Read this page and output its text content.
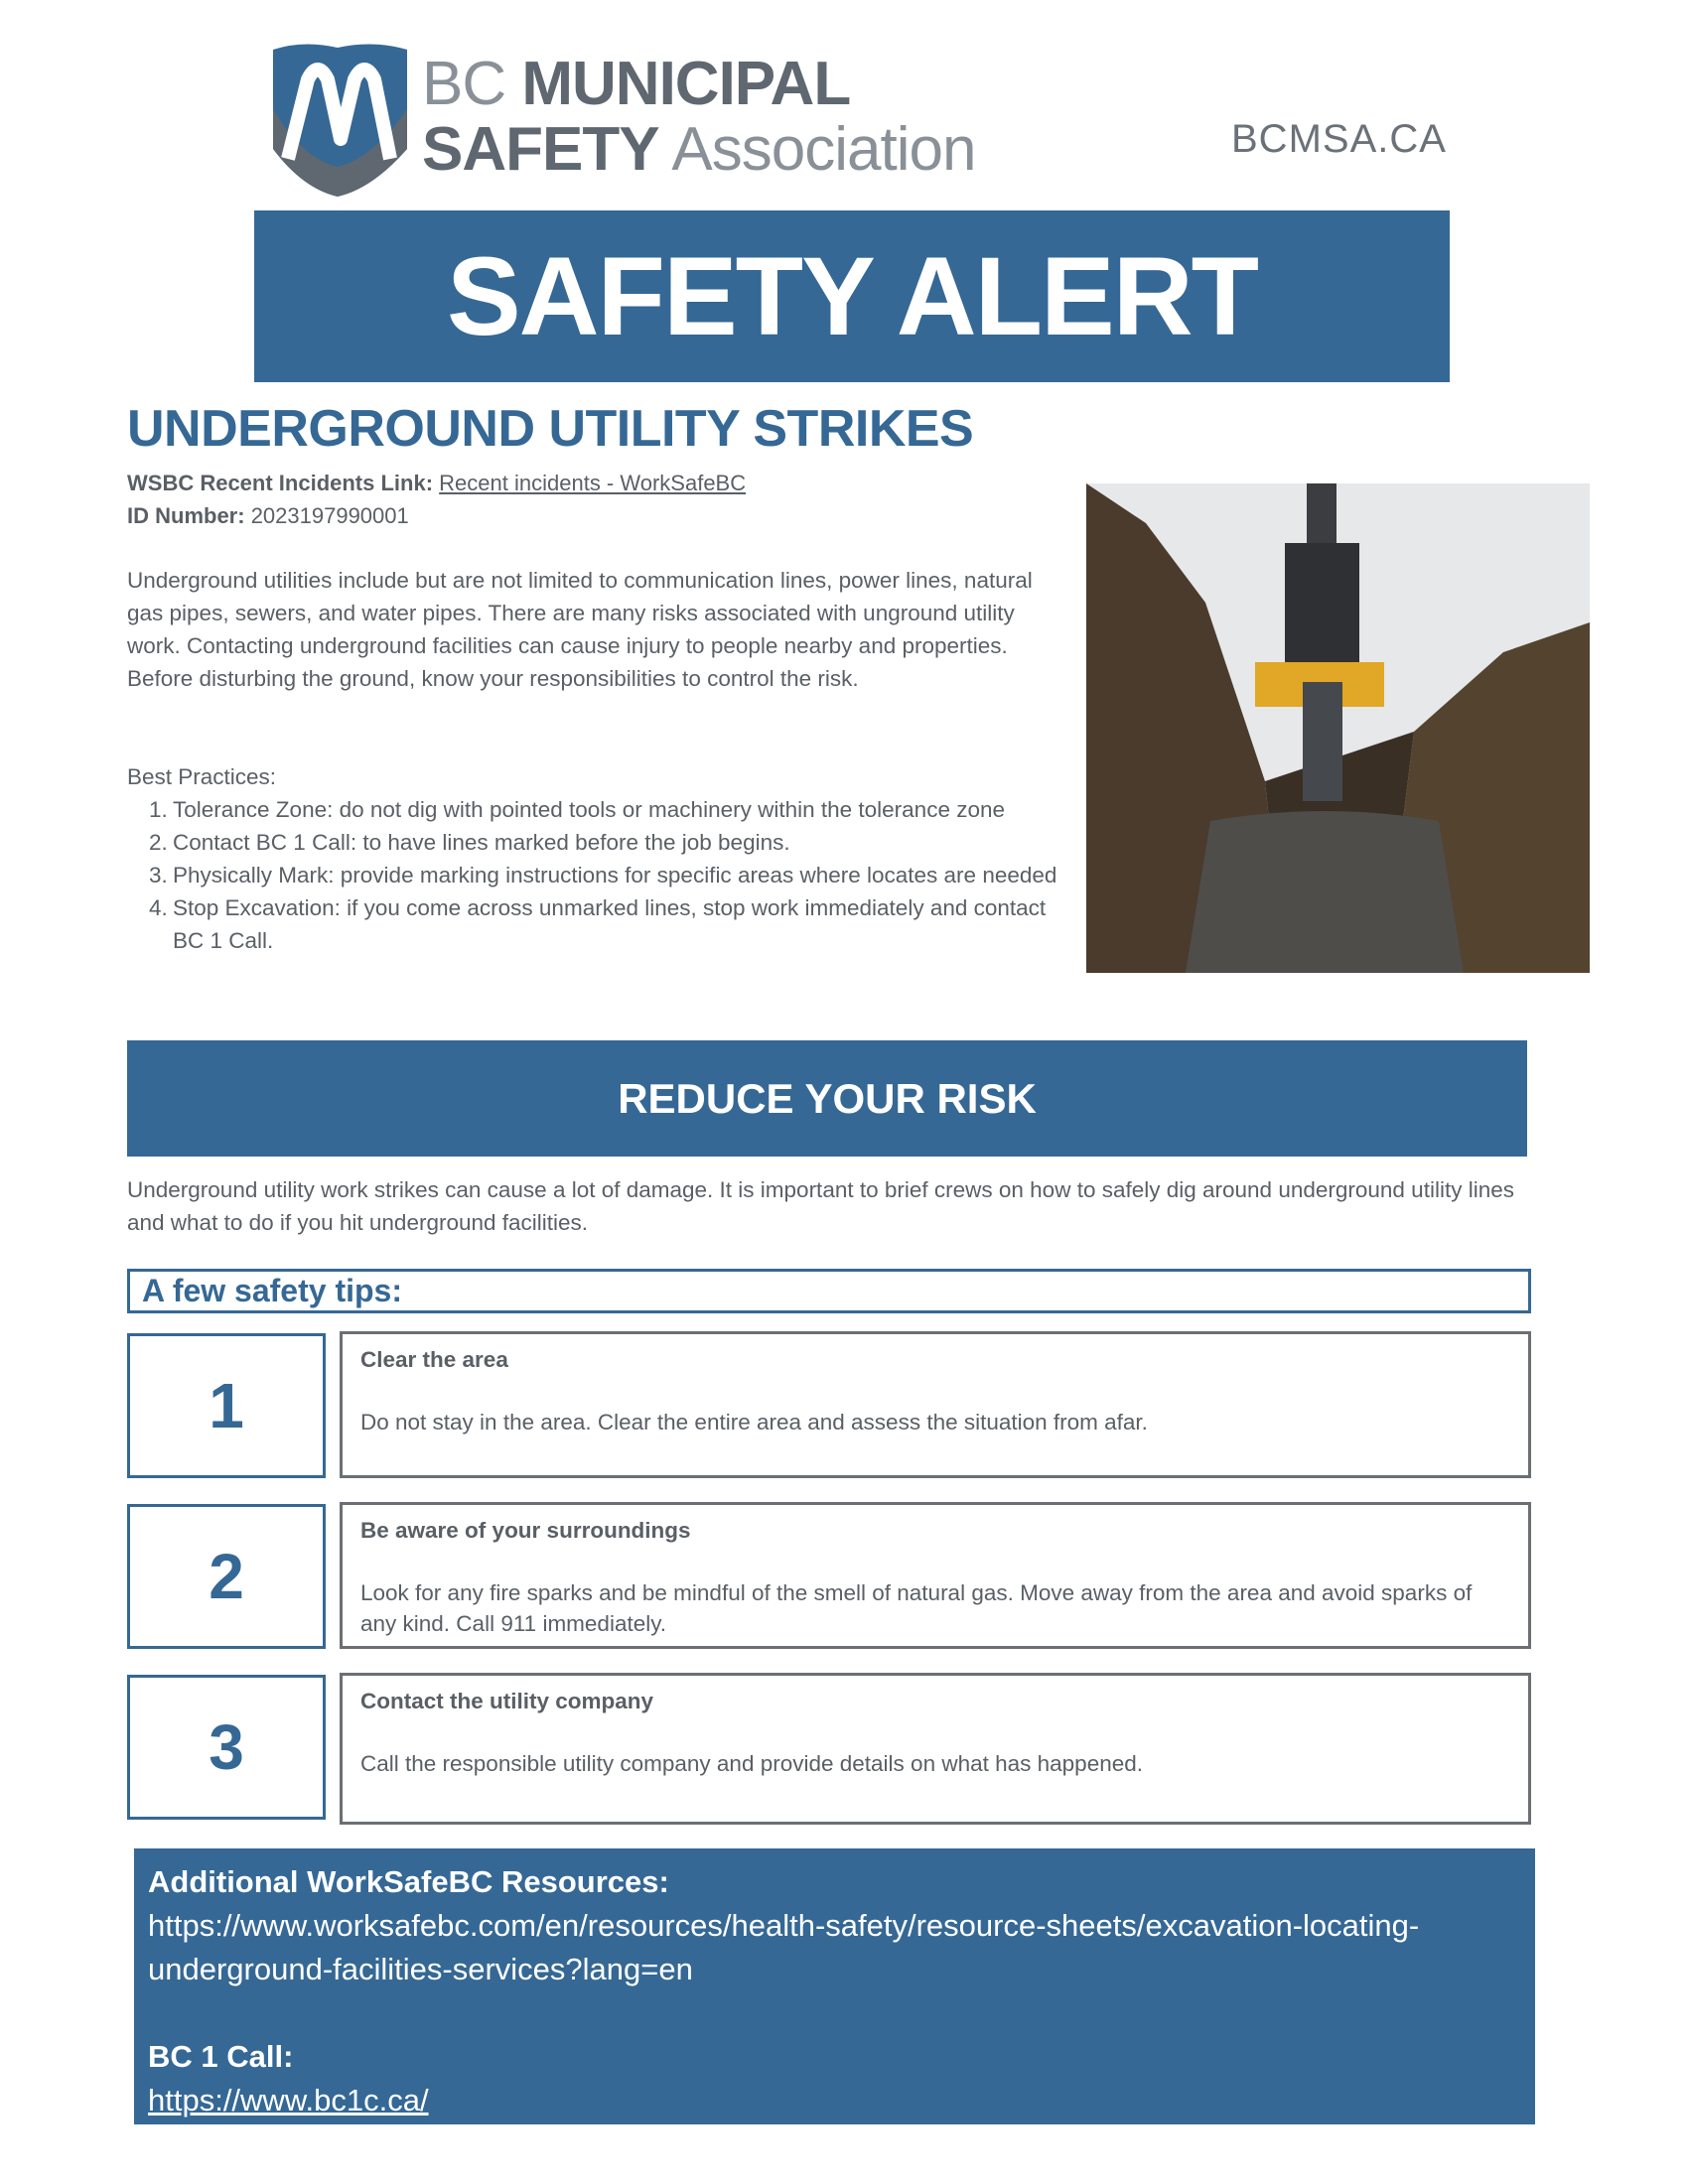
BC MUNICIPAL
SAFETY Association	BCMSA.CA
SAFETY ALERT
UNDERGROUND UTILITY STRIKES
WSBC Recent Incidents Link: Recent incidents - WorkSafeBC
ID Number: 2023197990001
Underground utilities include but are not limited to communication lines, power lines, natural gas pipes, sewers, and water pipes. There are many risks associated with unground utility work. Contacting underground facilities can cause injury to people nearby and properties. Before disturbing the ground, know your responsibilities to control the risk.
Best Practices:
1. Tolerance Zone: do not dig with pointed tools or machinery within the tolerance zone
2. Contact BC 1 Call: to have lines marked before the job begins.
3. Physically Mark: provide marking instructions for specific areas where locates are needed
4. Stop Excavation: if you come across unmarked lines, stop work immediately and contact BC 1 Call.
REDUCE YOUR RISK
Underground utility work strikes can cause a lot of damage. It is important to brief crews on how to safely dig around underground utility lines and what to do if you hit underground facilities.
A few safety tips:
1
Clear the area
Do not stay in the area. Clear the entire area and assess the situation from afar.
2
Be aware of your surroundings
Look for any fire sparks and be mindful of the smell of natural gas. Move away from the area and avoid sparks of any kind. Call 911 immediately.
3
Contact the utility company
Call the responsible utility company and provide details on what has happened.
Additional WorkSafeBC Resources:
https://www.worksafebc.com/en/resources/health-safety/resource-sheets/excavation-locating-underground-facilities-services?lang=en
BC 1 Call:
https://www.bc1c.ca/
